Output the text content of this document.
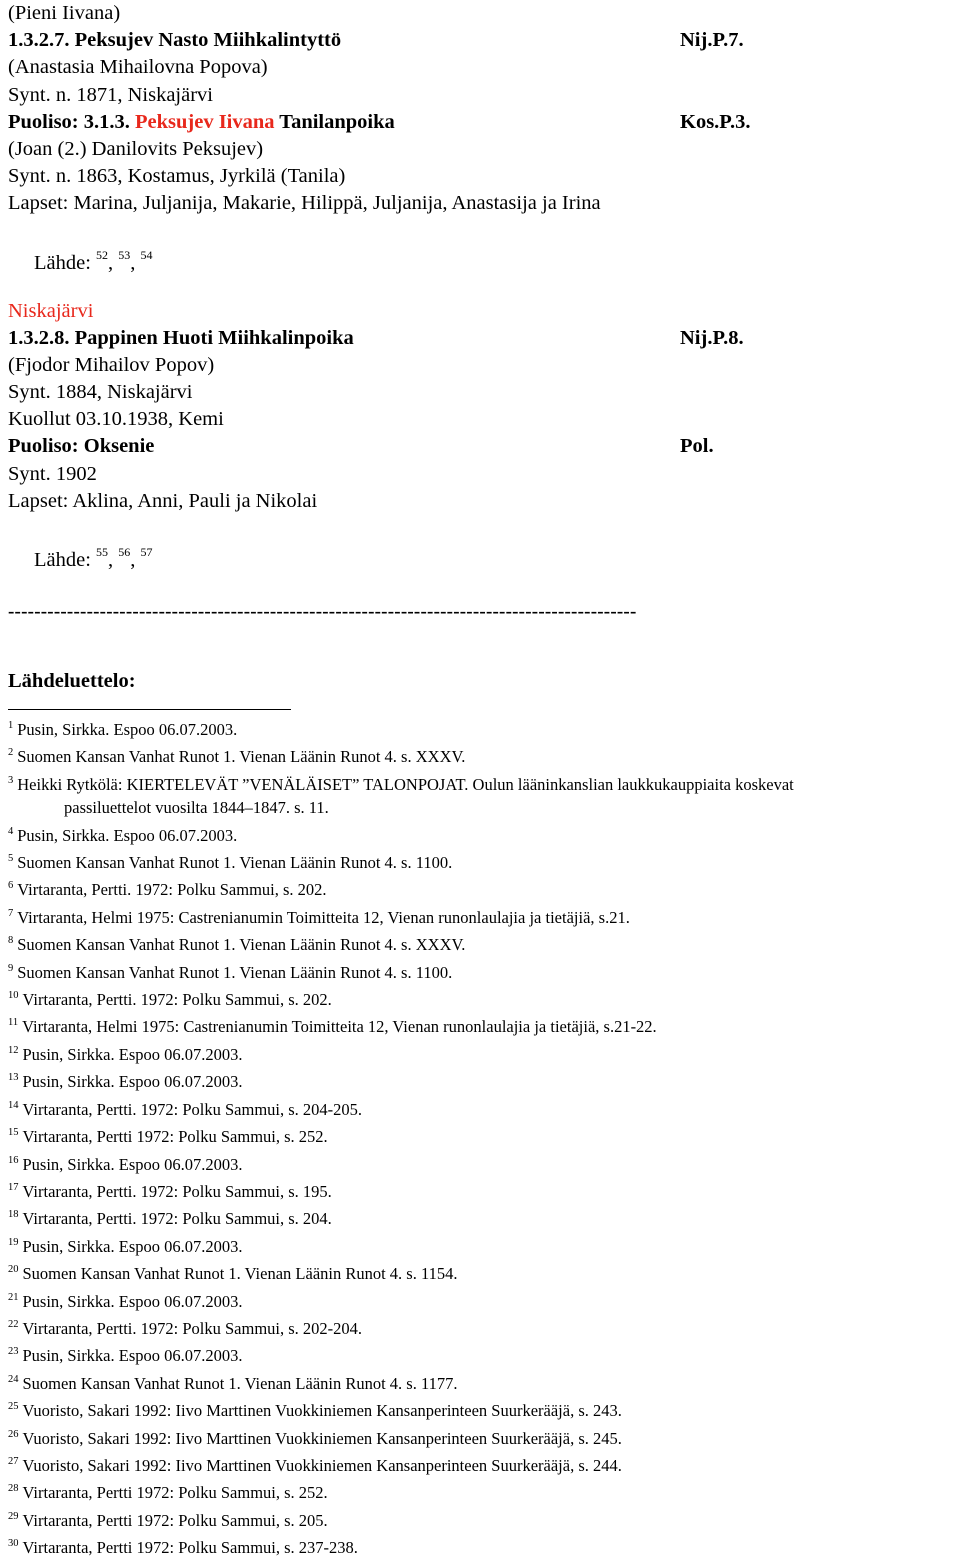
(Pieni Iivana)
1.3.2.7. Peksujev Nasto Miihkalintyttö	Nij.P.7.
(Anastasia Mihailovna Popova)
Synt. n. 1871, Niskajärvi
Puoliso: 3.1.3. Peksujev Iivana Tanilanpoika	Kos.P.3.
(Joan (2.) Danilovits Peksujev)
Synt. n. 1863, Kostamus, Jyrkilä (Tanila)
Lapset: Marina, Juljanija, Makarie, Hilippä, Juljanija, Anastasija ja Irina
Lähde: $^{52}$, $^{53}$, $^{54}$
Niskajärvi
1.3.2.8. Pappinen Huoti Miihkalinpoika	Nij.P.8.
(Fjodor Mihailov Popov)
Synt. 1884, Niskajärvi
Kuollut 03.10.1938, Kemi
Puoliso: Oksenie	Pol.
Synt. 1902
Lapset: Aklina, Anni, Pauli ja Nikolai
Lähde: $^{55}$, $^{56}$, $^{57}$
------------------------------------------------------------------------------------------------
Lähdeluettelo:
$^1$ Pusin, Sirkka. Espoo 06.07.2003.
$^2$ Suomen Kansan Vanhat Runot 1. Vienan Läänin Runot 4. s. XXXV.
$^3$ Heikki Rytkölä: KIERTELEVÄT ”VENÄLÄISET” TALONPOJAT. Oulun lääninkanslian laukkukauppiaita koskevat
passiluettelot vuosilta 1844–1847. s. 11.
$^4$ Pusin, Sirkka. Espoo 06.07.2003.
$^5$ Suomen Kansan Vanhat Runot 1. Vienan Läänin Runot 4. s. 1100.
$^6$ Virtaranta, Pertti. 1972: Polku Sammui, s. 202.
$^7$ Virtaranta, Helmi 1975: Castrenianumin Toimitteita 12, Vienan runonlaulajia ja tietäjiä, s.21.
$^8$ Suomen Kansan Vanhat Runot 1. Vienan Läänin Runot 4. s. XXXV.
$^9$ Suomen Kansan Vanhat Runot 1. Vienan Läänin Runot 4. s. 1100.
$^{10}$ Virtaranta, Pertti. 1972: Polku Sammui, s. 202.
$^{11}$ Virtaranta, Helmi 1975: Castrenianumin Toimitteita 12, Vienan runonlaulajia ja tietäjiä, s.21-22.
$^{12}$ Pusin, Sirkka. Espoo 06.07.2003.
$^{13}$ Pusin, Sirkka. Espoo 06.07.2003.
$^{14}$ Virtaranta, Pertti. 1972: Polku Sammui, s. 204-205.
$^{15}$ Virtaranta, Pertti 1972: Polku Sammui, s. 252.
$^{16}$ Pusin, Sirkka. Espoo 06.07.2003.
$^{17}$ Virtaranta, Pertti. 1972: Polku Sammui, s. 195.
$^{18}$ Virtaranta, Pertti. 1972: Polku Sammui, s. 204.
$^{19}$ Pusin, Sirkka. Espoo 06.07.2003.
$^{20}$ Suomen Kansan Vanhat Runot 1. Vienan Läänin Runot 4. s. 1154.
$^{21}$ Pusin, Sirkka. Espoo 06.07.2003.
$^{22}$ Virtaranta, Pertti. 1972: Polku Sammui, s. 202-204.
$^{23}$ Pusin, Sirkka. Espoo 06.07.2003.
$^{24}$ Suomen Kansan Vanhat Runot 1. Vienan Läänin Runot 4. s. 1177.
$^{25}$ Vuoristo, Sakari 1992: Iivo Marttinen Vuokkiniemen Kansanperinteen Suurkerääjä, s. 243.
$^{26}$ Vuoristo, Sakari 1992: Iivo Marttinen Vuokkiniemen Kansanperinteen Suurkerääjä, s. 245.
$^{27}$ Vuoristo, Sakari 1992: Iivo Marttinen Vuokkiniemen Kansanperinteen Suurkerääjä, s. 244.
$^{28}$ Virtaranta, Pertti 1972: Polku Sammui, s. 252.
$^{29}$ Virtaranta, Pertti 1972: Polku Sammui, s. 205.
$^{30}$ Virtaranta, Pertti 1972: Polku Sammui, s. 237-238.
